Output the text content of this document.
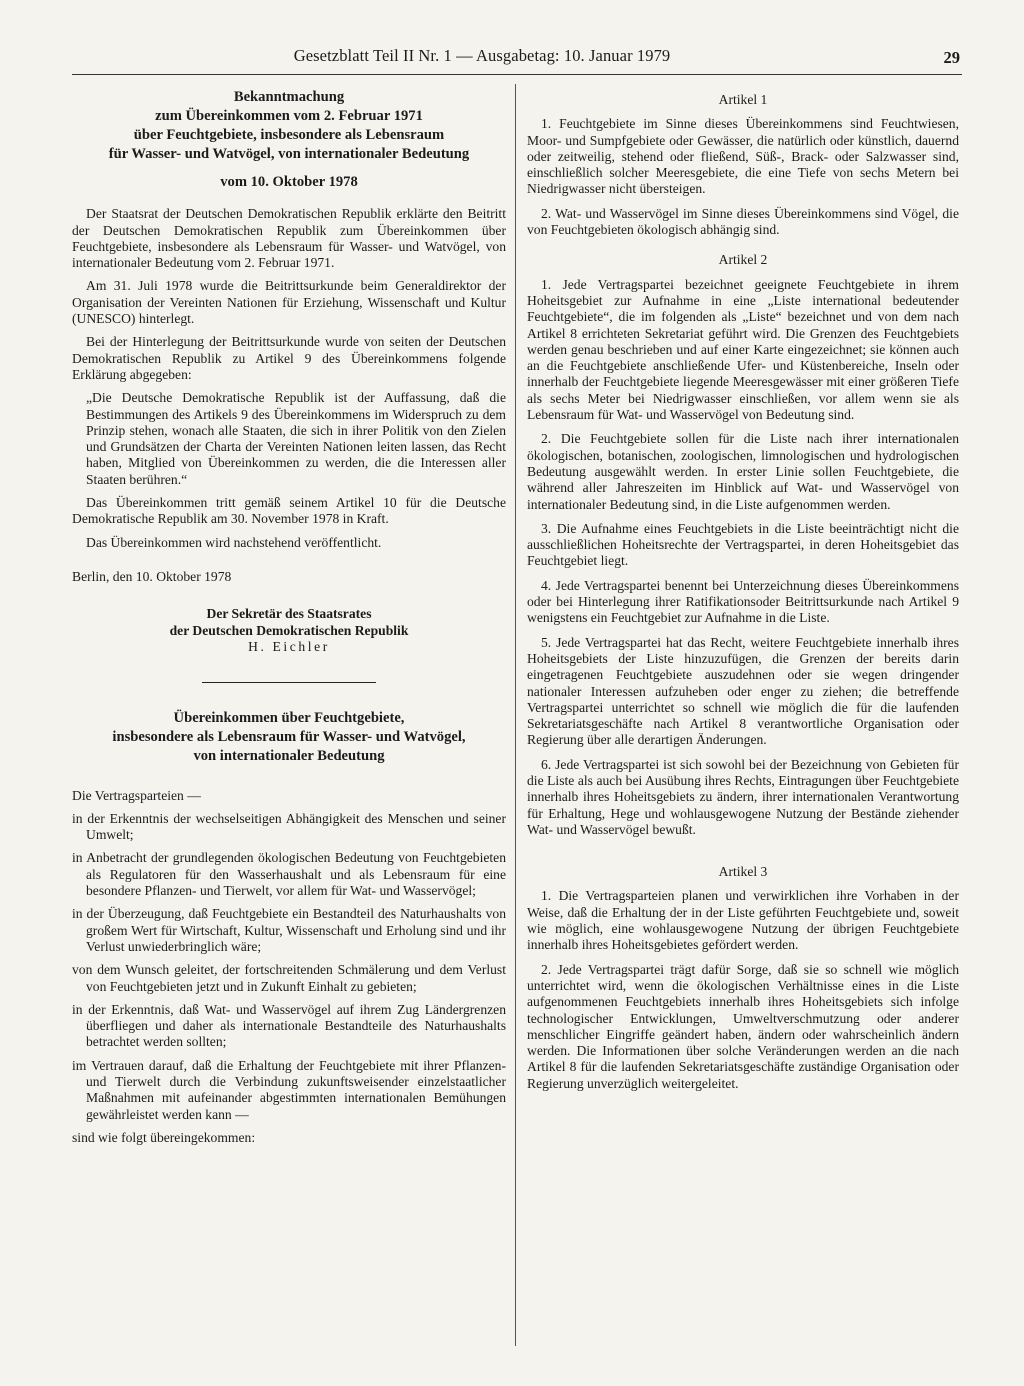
Gesetzblatt Teil II Nr. 1 — Ausgabetag: 10. Januar 1979	29
Bekanntmachung
zum Übereinkommen vom 2. Februar 1971
über Feuchtgebiete, insbesondere als Lebensraum
für Wasser- und Watvögel, von internationaler Bedeutung
vom 10. Oktober 1978

Der Staatsrat der Deutschen Demokratischen Republik erklärte den Beitritt der Deutschen Demokratischen Republik zum Übereinkommen über Feuchtgebiete, insbesondere als Lebensraum für Wasser- und Watvögel, von internationaler Bedeutung vom 2. Februar 1971.

Am 31. Juli 1978 wurde die Beitrittsurkunde beim Generaldirektor der Organisation der Vereinten Nationen für Erziehung, Wissenschaft und Kultur (UNESCO) hinterlegt.

Bei der Hinterlegung der Beitrittsurkunde wurde von seiten der Deutschen Demokratischen Republik zu Artikel 9 des Übereinkommens folgende Erklärung abgegeben:

„Die Deutsche Demokratische Republik ist der Auffassung, daß die Bestimmungen des Artikels 9 des Übereinkommens im Widerspruch zu dem Prinzip stehen, wonach alle Staaten, die sich in ihrer Politik von den Zielen und Grundsätzen der Charta der Vereinten Nationen leiten lassen, das Recht haben, Mitglied von Übereinkommen zu werden, die die Interessen aller Staaten berühren.“

Das Übereinkommen tritt gemäß seinem Artikel 10 für die Deutsche Demokratische Republik am 30. November 1978 in Kraft.

Das Übereinkommen wird nachstehend veröffentlicht.

Berlin, den 10. Oktober 1978
Der Sekretär des Staatsrates
der Deutschen Demokratischen Republik
H. Eichler
Übereinkommen über Feuchtgebiete,
insbesondere als Lebensraum für Wasser- und Watvögel,
von internationaler Bedeutung

Die Vertragsparteien —

in der Erkenntnis der wechselseitigen Abhängigkeit des Menschen und seiner Umwelt;

in Anbetracht der grundlegenden ökologischen Bedeutung von Feuchtgebieten als Regulatoren für den Wasserhaushalt und als Lebensraum für eine besondere Pflanzen- und Tierwelt, vor allem für Wat- und Wasservögel;

in der Überzeugung, daß Feuchtgebiete ein Bestandteil des Naturhaushalts von großem Wert für Wirtschaft, Kultur, Wissenschaft und Erholung sind und ihr Verlust unwiederbringlich wäre;

von dem Wunsch geleitet, der fortschreitenden Schmälerung und dem Verlust von Feuchtgebieten jetzt und in Zukunft Einhalt zu gebieten;

in der Erkenntnis, daß Wat- und Wasservögel auf ihrem Zug Ländergrenzen überfliegen und daher als internationale Bestandteile des Naturhaushalts betrachtet werden sollten;

im Vertrauen darauf, daß die Erhaltung der Feuchtgebiete mit ihrer Pflanzen- und Tierwelt durch die Verbindung zukunftsweisender einzelstaatlicher Maßnahmen mit aufeinander abgestimmten internationalen Bemühungen gewährleistet werden kann —

sind wie folgt übereingekommen:

Artikel 1

1. Feuchtgebiete im Sinne dieses Übereinkommens sind Feuchtwiesen, Moor- und Sumpfgebiete oder Gewässer, die natürlich oder künstlich, dauernd oder zeitweilig, stehend oder fließend, Süß-, Brack- oder Salzwasser sind, einschließlich solcher Meeresgebiete, die eine Tiefe von sechs Metern bei Niedrigwasser nicht übersteigen.

2. Wat- und Wasservögel im Sinne dieses Übereinkommens sind Vögel, die von Feuchtgebieten ökologisch abhängig sind.

Artikel 2

1. Jede Vertragspartei bezeichnet geeignete Feuchtgebiete in ihrem Hoheitsgebiet zur Aufnahme in eine „Liste international bedeutender Feuchtgebiete“, die im folgenden als „Liste“ bezeichnet und von dem nach Artikel 8 errichteten Sekretariat geführt wird. Die Grenzen des Feuchtgebiets werden genau beschrieben und auf einer Karte eingezeichnet; sie können auch an die Feuchtgebiete anschließende Ufer- und Küstenbereiche, Inseln oder innerhalb der Feuchtgebiete liegende Meeresgewässer mit einer größeren Tiefe als sechs Meter bei Niedrigwasser einschließen, vor allem wenn sie als Lebensraum für Wat- und Wasservögel von Bedeutung sind.

2. Die Feuchtgebiete sollen für die Liste nach ihrer internationalen ökologischen, botanischen, zoologischen, limnologischen und hydrologischen Bedeutung ausgewählt werden. In erster Linie sollen Feuchtgebiete, die während aller Jahreszeiten im Hinblick auf Wat- und Wasservögel von internationaler Bedeutung sind, in die Liste aufgenommen werden.

3. Die Aufnahme eines Feuchtgebiets in die Liste beeinträchtigt nicht die ausschließlichen Hoheitsrechte der Vertragspartei, in deren Hoheitsgebiet das Feuchtgebiet liegt.

4. Jede Vertragspartei benennt bei Unterzeichnung dieses Übereinkommens oder bei Hinterlegung ihrer Ratifikationsoder Beitrittsurkunde nach Artikel 9 wenigstens ein Feuchtgebiet zur Aufnahme in die Liste.

5. Jede Vertragspartei hat das Recht, weitere Feuchtgebiete innerhalb ihres Hoheitsgebiets der Liste hinzuzufügen, die Grenzen der bereits darin eingetragenen Feuchtgebiete auszudehnen oder sie wegen dringender nationaler Interessen aufzuheben oder enger zu ziehen; die betreffende Vertragspartei unterrichtet so schnell wie möglich die für die laufenden Sekretariatsgeschäfte nach Artikel 8 verantwortliche Organisation oder Regierung über alle derartigen Änderungen.

6. Jede Vertragspartei ist sich sowohl bei der Bezeichnung von Gebieten für die Liste als auch bei Ausübung ihres Rechts, Eintragungen über Feuchtgebiete innerhalb ihres Hoheitsgebiets zu ändern, ihrer internationalen Verantwortung für Erhaltung, Hege und wohlausgewogene Nutzung der Bestände ziehender Wat- und Wasservögel bewußt.

Artikel 3

1. Die Vertragsparteien planen und verwirklichen ihre Vorhaben in der Weise, daß die Erhaltung der in der Liste geführten Feuchtgebiete und, soweit wie möglich, eine wohlausgewogene Nutzung der übrigen Feuchtgebiete innerhalb ihres Hoheitsgebietes gefördert werden.

2. Jede Vertragspartei trägt dafür Sorge, daß sie so schnell wie möglich unterrichtet wird, wenn die ökologischen Verhältnisse eines in die Liste aufgenommenen Feuchtgebiets innerhalb ihres Hoheitsgebiets sich infolge technologischer Entwicklungen, Umweltverschmutzung oder anderer menschlicher Eingriffe geändert haben, ändern oder wahrscheinlich ändern werden. Die Informationen über solche Veränderungen werden an die nach Artikel 8 für die laufenden Sekretariatsgeschäfte zuständige Organisation oder Regierung unverzüglich weitergeleitet.
